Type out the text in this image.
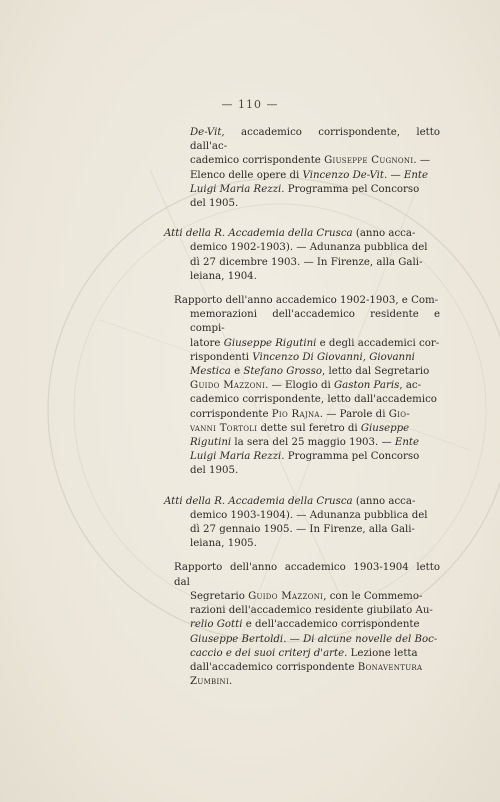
— 110 —

De-Vit, accademico corrispondente, letto dall'ac-
cademico corrispondente Giuseppe Cugnoni. —
Elenco delle opere di Vincenzo De-Vit. — Ente
Luigi Maria Rezzi. Programma pel Concorso
del 1905.

Atti della R. Accademia della Crusca (anno acca-
demico 1902-1903). — Adunanza pubblica del
dì 27 dicembre 1903. — In Firenze, alla Gali-
leiana, 1904.

Rapporto dell'anno accademico 1902-1903, e Com-
memorazioni dell'accademico residente e compi-
latore Giuseppe Rigutini e degli accademici cor-
rispondenti Vincenzo Di Giovanni, Giovanni
Mestica e Stefano Grosso, letto dal Segretario
Guido Mazzoni. — Elogio di Gaston Paris, ac-
cademico corrispondente, letto dall'accademico
corrispondente Pio Rajna. — Parole di Gio-
vanni Tortoli dette sul feretro di Giuseppe
Rigutini la sera del 25 maggio 1903. — Ente
Luigi Maria Rezzi. Programma pel Concorso
del 1905.

Atti della R. Accademia della Crusca (anno acca-
demico 1903-1904). — Adunanza pubblica del
dì 27 gennaio 1905. — In Firenze, alla Gali-
leiana, 1905.

Rapporto dell'anno accademico 1903-1904 letto dal
Segretario Guido Mazzoni, con le Commemo-
razioni dell'accademico residente giubilato Au-
relio Gotti e dell'accademico corrispondente
Giuseppe Bertoldi. — Di alcune novelle del Boc-
caccio e dei suoi criterj d'arte. Lezione letta
dall'accademico corrispondente Bonaventura
Zumbini.
